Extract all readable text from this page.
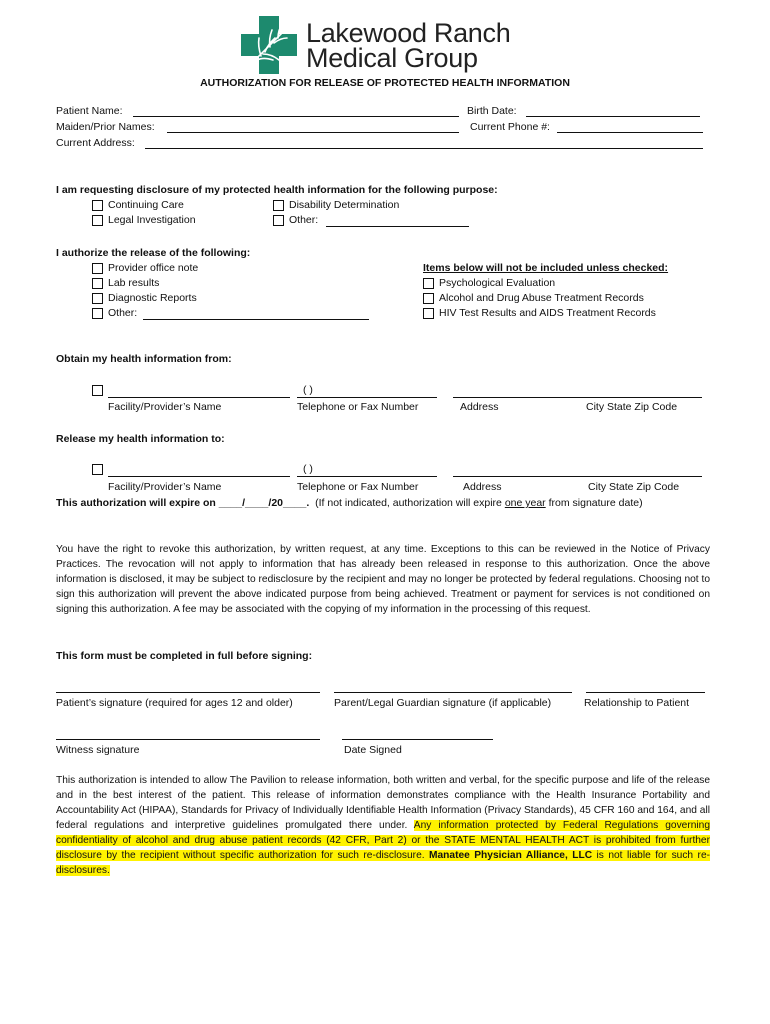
Lakewood Ranch
Medical Group
AUTHORIZATION FOR RELEASE OF PROTECTED HEALTH INFORMATION
Patient Name:	Birth Date:
Maiden/Prior Names:	Current Phone #:
Current Address:
I am requesting disclosure of my protected health information for the following purpose:
Continuing Care
Legal Investigation
Disability Determination
Other:
I authorize the release of the following:
Provider office note
Lab results
Diagnostic Reports
Other:
Items below will not be included unless checked:
Psychological Evaluation
Alcohol and Drug Abuse Treatment Records
HIV Test Results and AIDS Treatment Records
Obtain my health information from:
( )
Facility/Provider’s Name	Telephone or Fax Number	Address	City State Zip Code
Release my health information to:
( )
Facility/Provider’s Name	Telephone or Fax Number	Address	City State Zip Code
This authorization will expire on ____/____/20____. (If not indicated, authorization will expire one year from signature date)
You have the right to revoke this authorization, by written request, at any time. Exceptions to this can be reviewed in the Notice of Privacy Practices. The revocation will not apply to information that has already been released in response to this authorization. Once the above information is disclosed, it may be subject to redisclosure by the recipient and may no longer be protected by federal regulations. Choosing not to sign this authorization will prevent the above indicated purpose from being achieved. Treatment or payment for services is not conditioned on signing this authorization. A fee may be associated with the copying of my information in the processing of this request.
This form must be completed in full before signing:
Patient’s signature (required for ages 12 and older)	Parent/Legal Guardian signature (if applicable)	Relationship to Patient
Witness signature	Date Signed
This authorization is intended to allow The Pavilion to release information, both written and verbal, for the specific purpose and life of the release and in the best interest of the patient. This release of information demonstrates compliance with the Health Insurance Portability and Accountability Act (HIPAA), Standards for Privacy of Individually Identifiable Health Information (Privacy Standards), 45 CFR 160 and 164, and all federal regulations and interpretive guidelines promulgated there under. Any information protected by Federal Regulations governing confidentiality of alcohol and drug abuse patient records (42 CFR, Part 2) or the STATE MENTAL HEALTH ACT is prohibited from further disclosure by the recipient without specific authorization for such re-disclosure. Manatee Physician Alliance, LLC is not liable for such re-disclosures.
